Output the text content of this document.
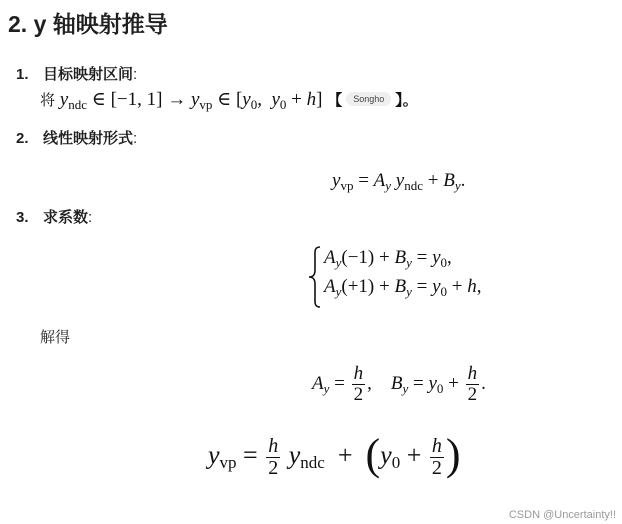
2. y 轴映射推导
1. 目标映射区间:
将 $y_{ndc}$ ∈ [−1, $1] \to y_{vp}$ ∈ [$y_0$,  $y_0 + h$] 【 Songho 】。
2. 线性映射形式:
$y_{vp} = A_y$ $y_{ndc} + B_y$.
3. 求系数:
$A_y(-1) + B_y = y_0$,
$A_y(+1) + B_y = y_0 + h$,
解得
$A_y = \frac{h}{2}$ ,    $B_y = y_0 + \frac{h}{2}$ .
yvp = $\frac{h}{2}$ yndc  +  ($y0 + \frac{h}{2}$ )
CSDN @Uncertainty!!
